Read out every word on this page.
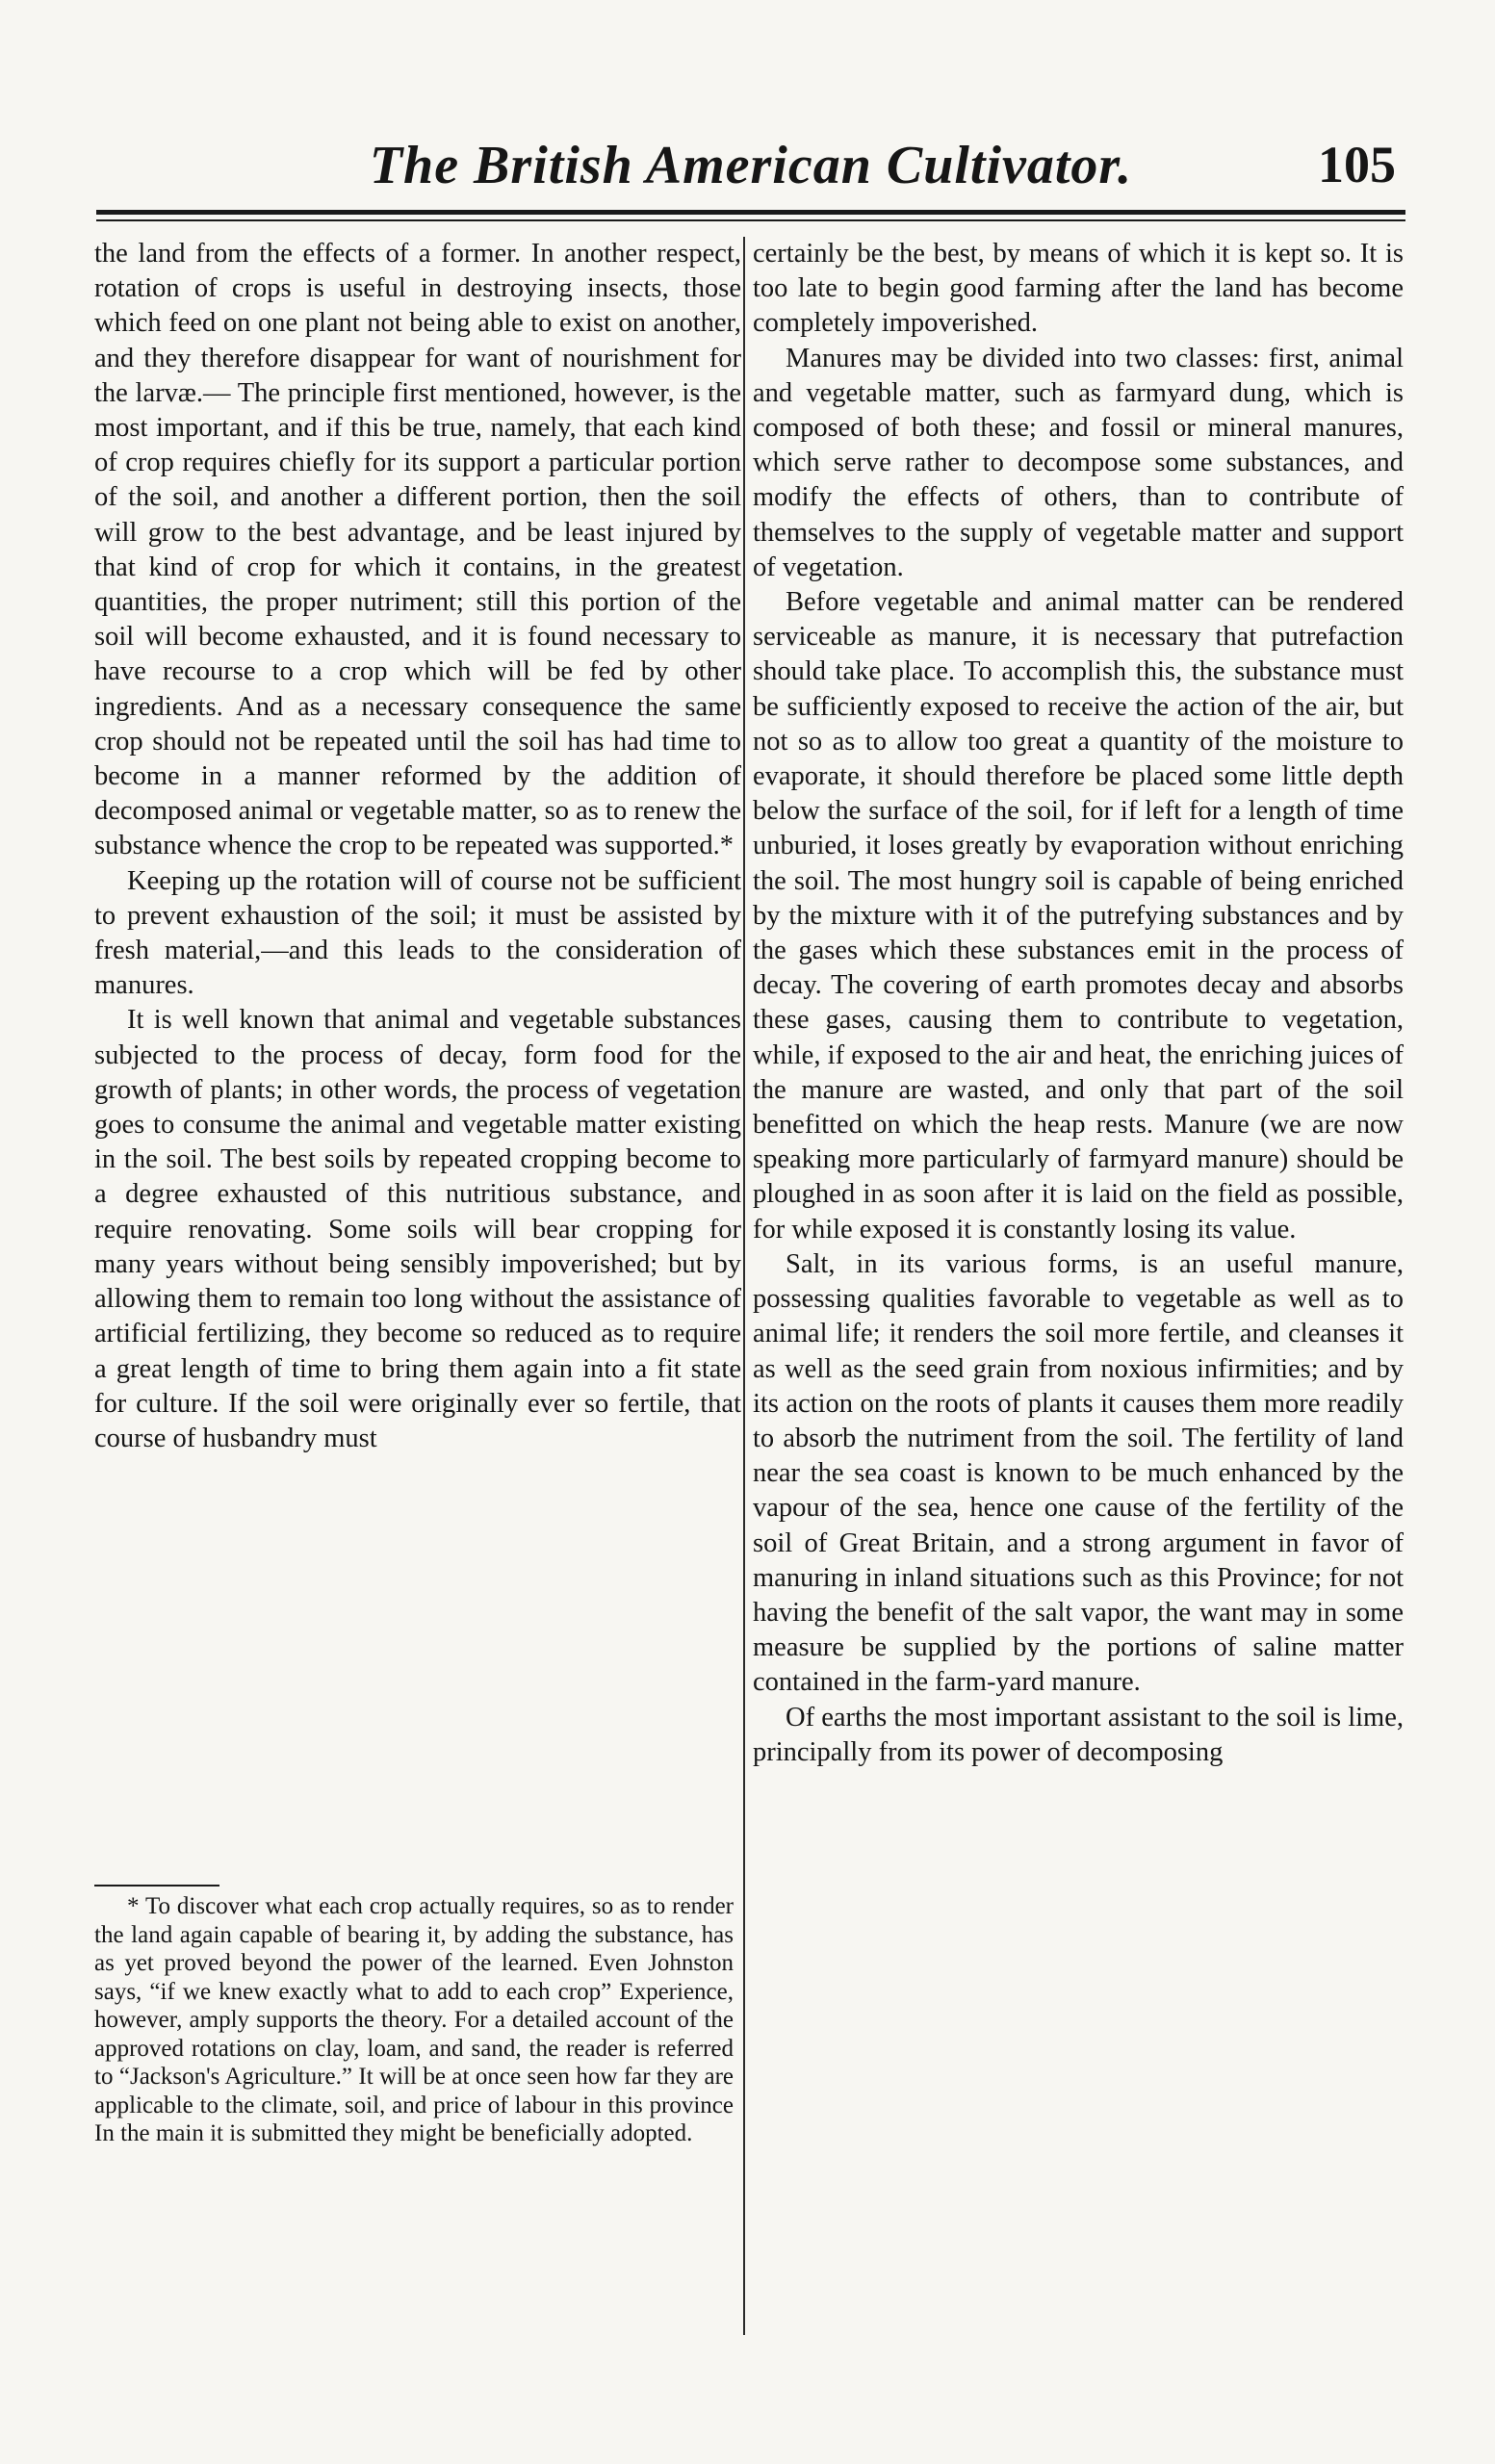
The British American Cultivator.	105

the land from the effects of a former. In another respect, rotation of crops is useful in destroying insects, those which feed on one plant not being able to exist on another, and they therefore disappear for want of nourishment for the larvæ.— The principle first mentioned, however, is the most important, and if this be true, namely, that each kind of crop requires chiefly for its support a particular portion of the soil, and another a different portion, then the soil will grow to the best advantage, and be least injured by that kind of crop for which it contains, in the greatest quantities, the proper nutriment; still this portion of the soil will become exhausted, and it is found necessary to have recourse to a crop which will be fed by other ingredients. And as a necessary consequence the same crop should not be repeated until the soil has had time to become in a manner reformed by the addition of decomposed animal or vegetable matter, so as to renew the substance whence the crop to be repeated was supported.*

Keeping up the rotation will of course not be sufficient to prevent exhaustion of the soil; it must be assisted by fresh material,—and this leads to the consideration of manures.

It is well known that animal and vegetable substances subjected to the process of decay, form food for the growth of plants; in other words, the process of vegetation goes to consume the animal and vegetable matter existing in the soil. The best soils by repeated cropping become to a degree exhausted of this nutritious substance, and require renovating. Some soils will bear cropping for many years without being sensibly impoverished; but by allowing them to remain too long without the assistance of artificial fertilizing, they become so reduced as to require a great length of time to bring them again into a fit state for culture. If the soil were originally ever so fertile, that course of husbandry must

* To discover what each crop actually requires, so as to render the land again capable of bearing it, by adding the substance, has as yet proved beyond the power of the learned. Even Johnston says, “if we knew exactly what to add to each crop” Experience, however, amply supports the theory. For a detailed account of the approved rotations on clay, loam, and sand, the reader is referred to “Jackson's Agriculture.” It will be at once seen how far they are applicable to the climate, soil, and price of labour in this province In the main it is submitted they might be beneficially adopted.

certainly be the best, by means of which it is kept so. It is too late to begin good farming after the land has become completely impoverished.

Manures may be divided into two classes: first, animal and vegetable matter, such as farmyard dung, which is composed of both these; and fossil or mineral manures, which serve rather to decompose some substances, and modify the effects of others, than to contribute of themselves to the supply of vegetable matter and support of vegetation.

Before vegetable and animal matter can be rendered serviceable as manure, it is necessary that putrefaction should take place. To accomplish this, the substance must be sufficiently exposed to receive the action of the air, but not so as to allow too great a quantity of the moisture to evaporate, it should therefore be placed some little depth below the surface of the soil, for if left for a length of time unburied, it loses greatly by evaporation without enriching the soil. The most hungry soil is capable of being enriched by the mixture with it of the putrefying substances and by the gases which these substances emit in the process of decay. The covering of earth promotes decay and absorbs these gases, causing them to contribute to vegetation, while, if exposed to the air and heat, the enriching juices of the manure are wasted, and only that part of the soil benefitted on which the heap rests. Manure (we are now speaking more particularly of farmyard manure) should be ploughed in as soon after it is laid on the field as possible, for while exposed it is constantly losing its value.

Salt, in its various forms, is an useful manure, possessing qualities favorable to vegetable as well as to animal life; it renders the soil more fertile, and cleanses it as well as the seed grain from noxious infirmities; and by its action on the roots of plants it causes them more readily to absorb the nutriment from the soil. The fertility of land near the sea coast is known to be much enhanced by the vapour of the sea, hence one cause of the fertility of the soil of Great Britain, and a strong argument in favor of manuring in inland situations such as this Province; for not having the benefit of the salt vapor, the want may in some measure be supplied by the portions of saline matter contained in the farm-yard manure.

Of earths the most important assistant to the soil is lime, principally from its power of decomposing
